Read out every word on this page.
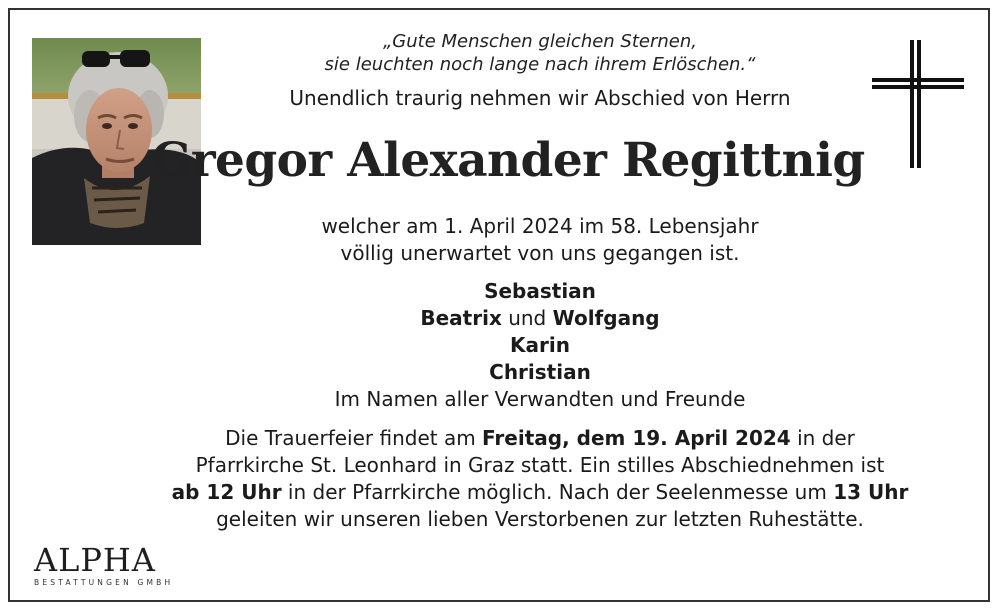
„Gute Menschen gleichen Sternen,
sie leuchten noch lange nach ihrem Erlöschen.“
Unendlich traurig nehmen wir Abschied von Herrn
Gregor Alexander Regittnig
welcher am 1. April 2024 im 58. Lebensjahr
völlig unerwartet von uns gegangen ist.
Sebastian
Beatrix und Wolfgang
Karin
Christian
Im Namen aller Verwandten und Freunde
Die Trauerfeier findet am Freitag, dem 19. April 2024 in der
Pfarrkirche St. Leonhard in Graz statt. Ein stilles Abschiednehmen ist
ab 12 Uhr in der Pfarrkirche möglich. Nach der Seelenmesse um 13 Uhr
geleiten wir unseren lieben Verstorbenen zur letzten Ruhestätte.
ALPHA
BESTATTUNGEN GMBH
